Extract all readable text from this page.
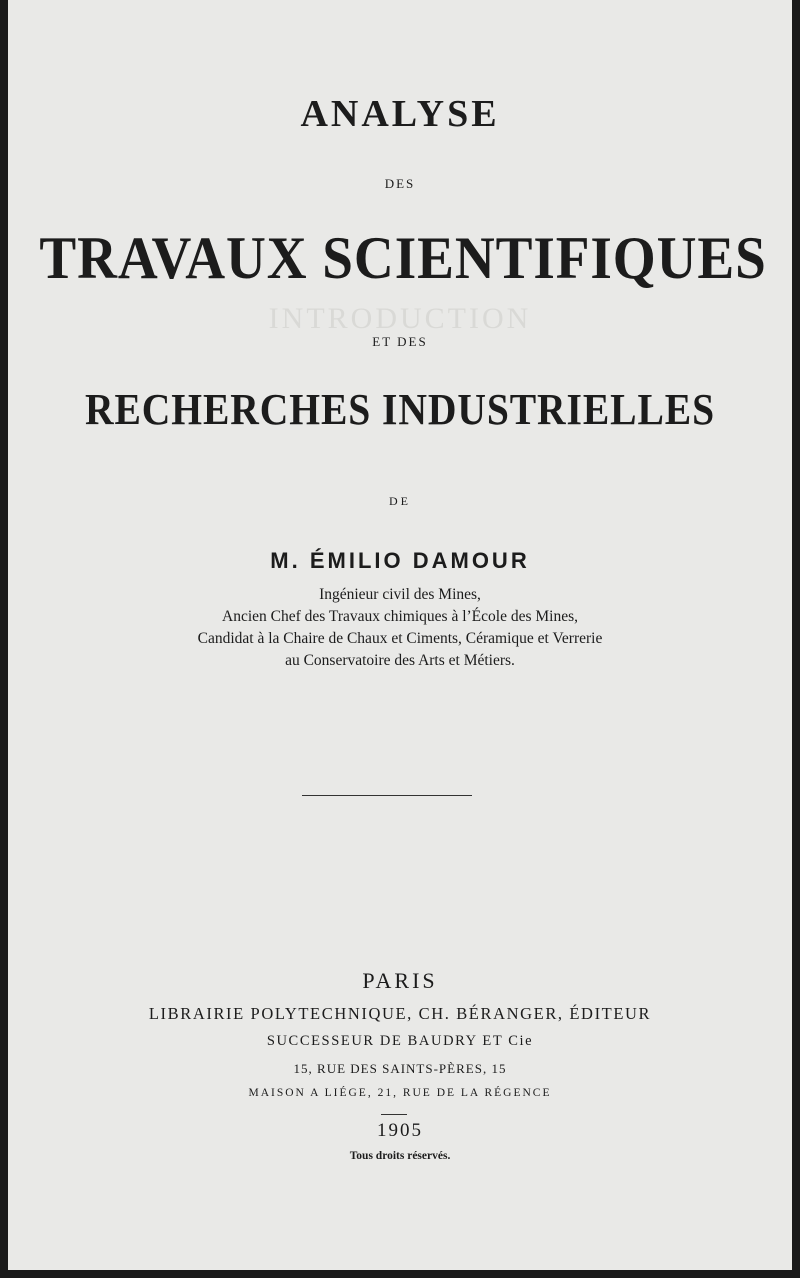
INTRODUCTION

ANALYSE

DES

TRAVAUX SCIENTIFIQUES

ET DES

RECHERCHES INDUSTRIELLES

DE

M. ÉMILIO DAMOUR

Ingénieur civil des Mines,

Ancien Chef des Travaux chimiques à l’École des Mines,

Candidat à la Chaire de Chaux et Ciments, Céramique et Verrerie

au Conservatoire des Arts et Métiers.

PARIS

LIBRAIRIE POLYTECHNIQUE, CH. BÉRANGER, ÉDITEUR

SUCCESSEUR DE BAUDRY ET Cie

15, RUE DES SAINTS-PÈRES, 15

MAISON A LIÉGE, 21, RUE DE LA RÉGENCE

1905

Tous droits réservés.
